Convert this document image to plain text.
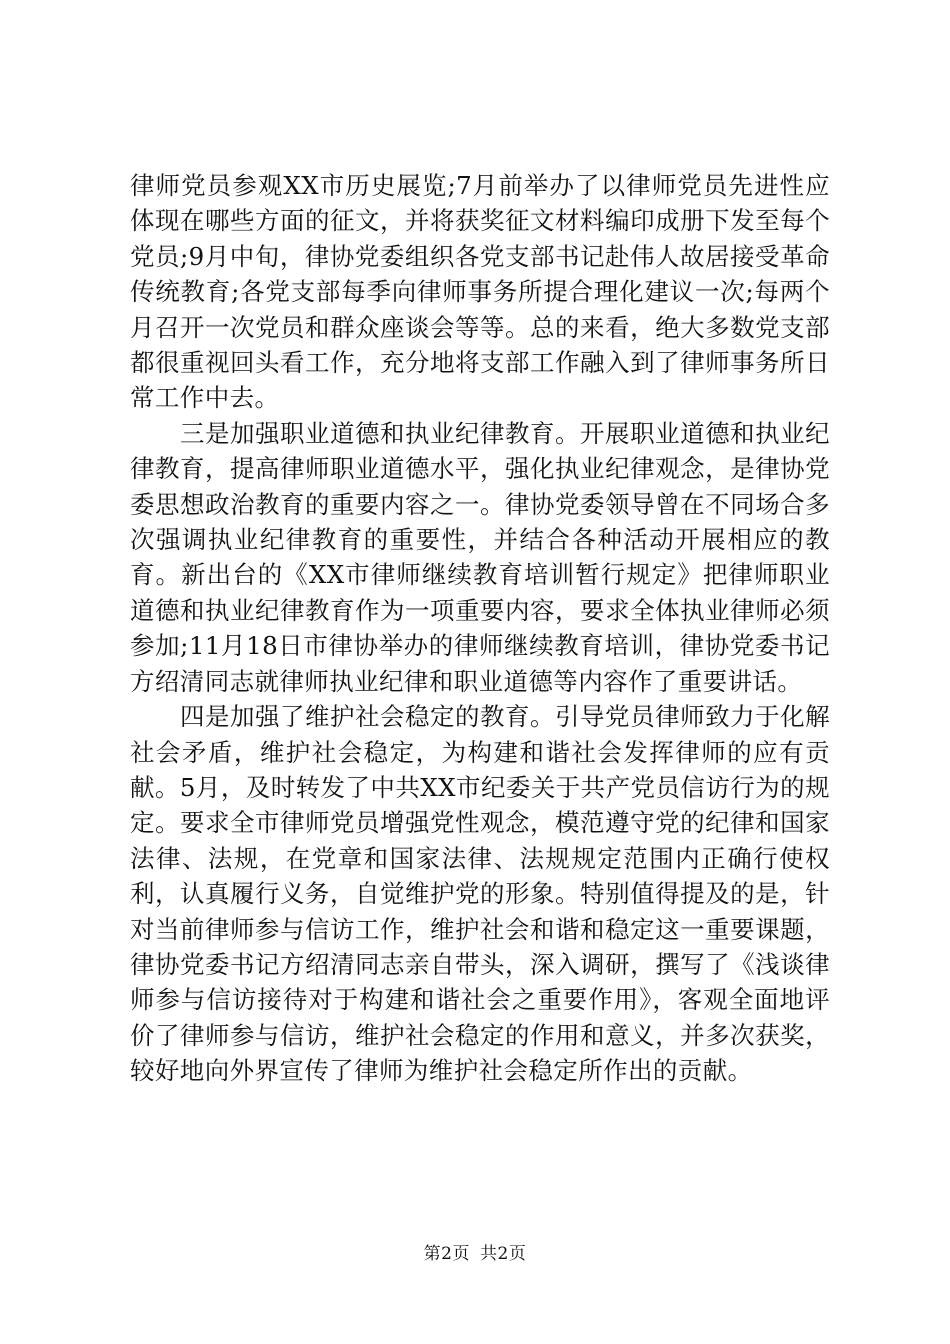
律师党员参观XX市历史展览;7月前举办了以律师党员先进性应体现在哪些方面的征文，并将获奖征文材料编印成册下发至每个党员;9月中旬，律协党委组织各党支部书记赴伟人故居接受革命传统教育;各党支部每季向律师事务所提合理化建议一次;每两个月召开一次党员和群众座谈会等等。总的来看，绝大多数党支部都很重视回头看工作，充分地将支部工作融入到了律师事务所日常工作中去。

三是加强职业道德和执业纪律教育。开展职业道德和执业纪律教育，提高律师职业道德水平，强化执业纪律观念，是律协党委思想政治教育的重要内容之一。律协党委领导曾在不同场合多次强调执业纪律教育的重要性，并结合各种活动开展相应的教育。新出台的《XX市律师继续教育培训暂行规定》把律师职业道德和执业纪律教育作为一项重要内容，要求全体执业律师必须参加;11月18日市律协举办的律师继续教育培训，律协党委书记方绍清同志就律师执业纪律和职业道德等内容作了重要讲话。

四是加强了维护社会稳定的教育。引导党员律师致力于化解社会矛盾，维护社会稳定，为构建和谐社会发挥律师的应有贡献。5月，及时转发了中共XX市纪委关于共产党员信访行为的规定。要求全市律师党员增强党性观念，模范遵守党的纪律和国家法律、法规，在党章和国家法律、法规规定范围内正确行使权利，认真履行义务，自觉维护党的形象。特别值得提及的是，针对当前律师参与信访工作，维护社会和谐和稳定这一重要课题，律协党委书记方绍清同志亲自带头，深入调研，撰写了《浅谈律师参与信访接待对于构建和谐社会之重要作用》，客观全面地评价了律师参与信访，维护社会稳定的作用和意义，并多次获奖，较好地向外界宣传了律师为维护社会稳定所作出的贡献。

第2页 共2页
